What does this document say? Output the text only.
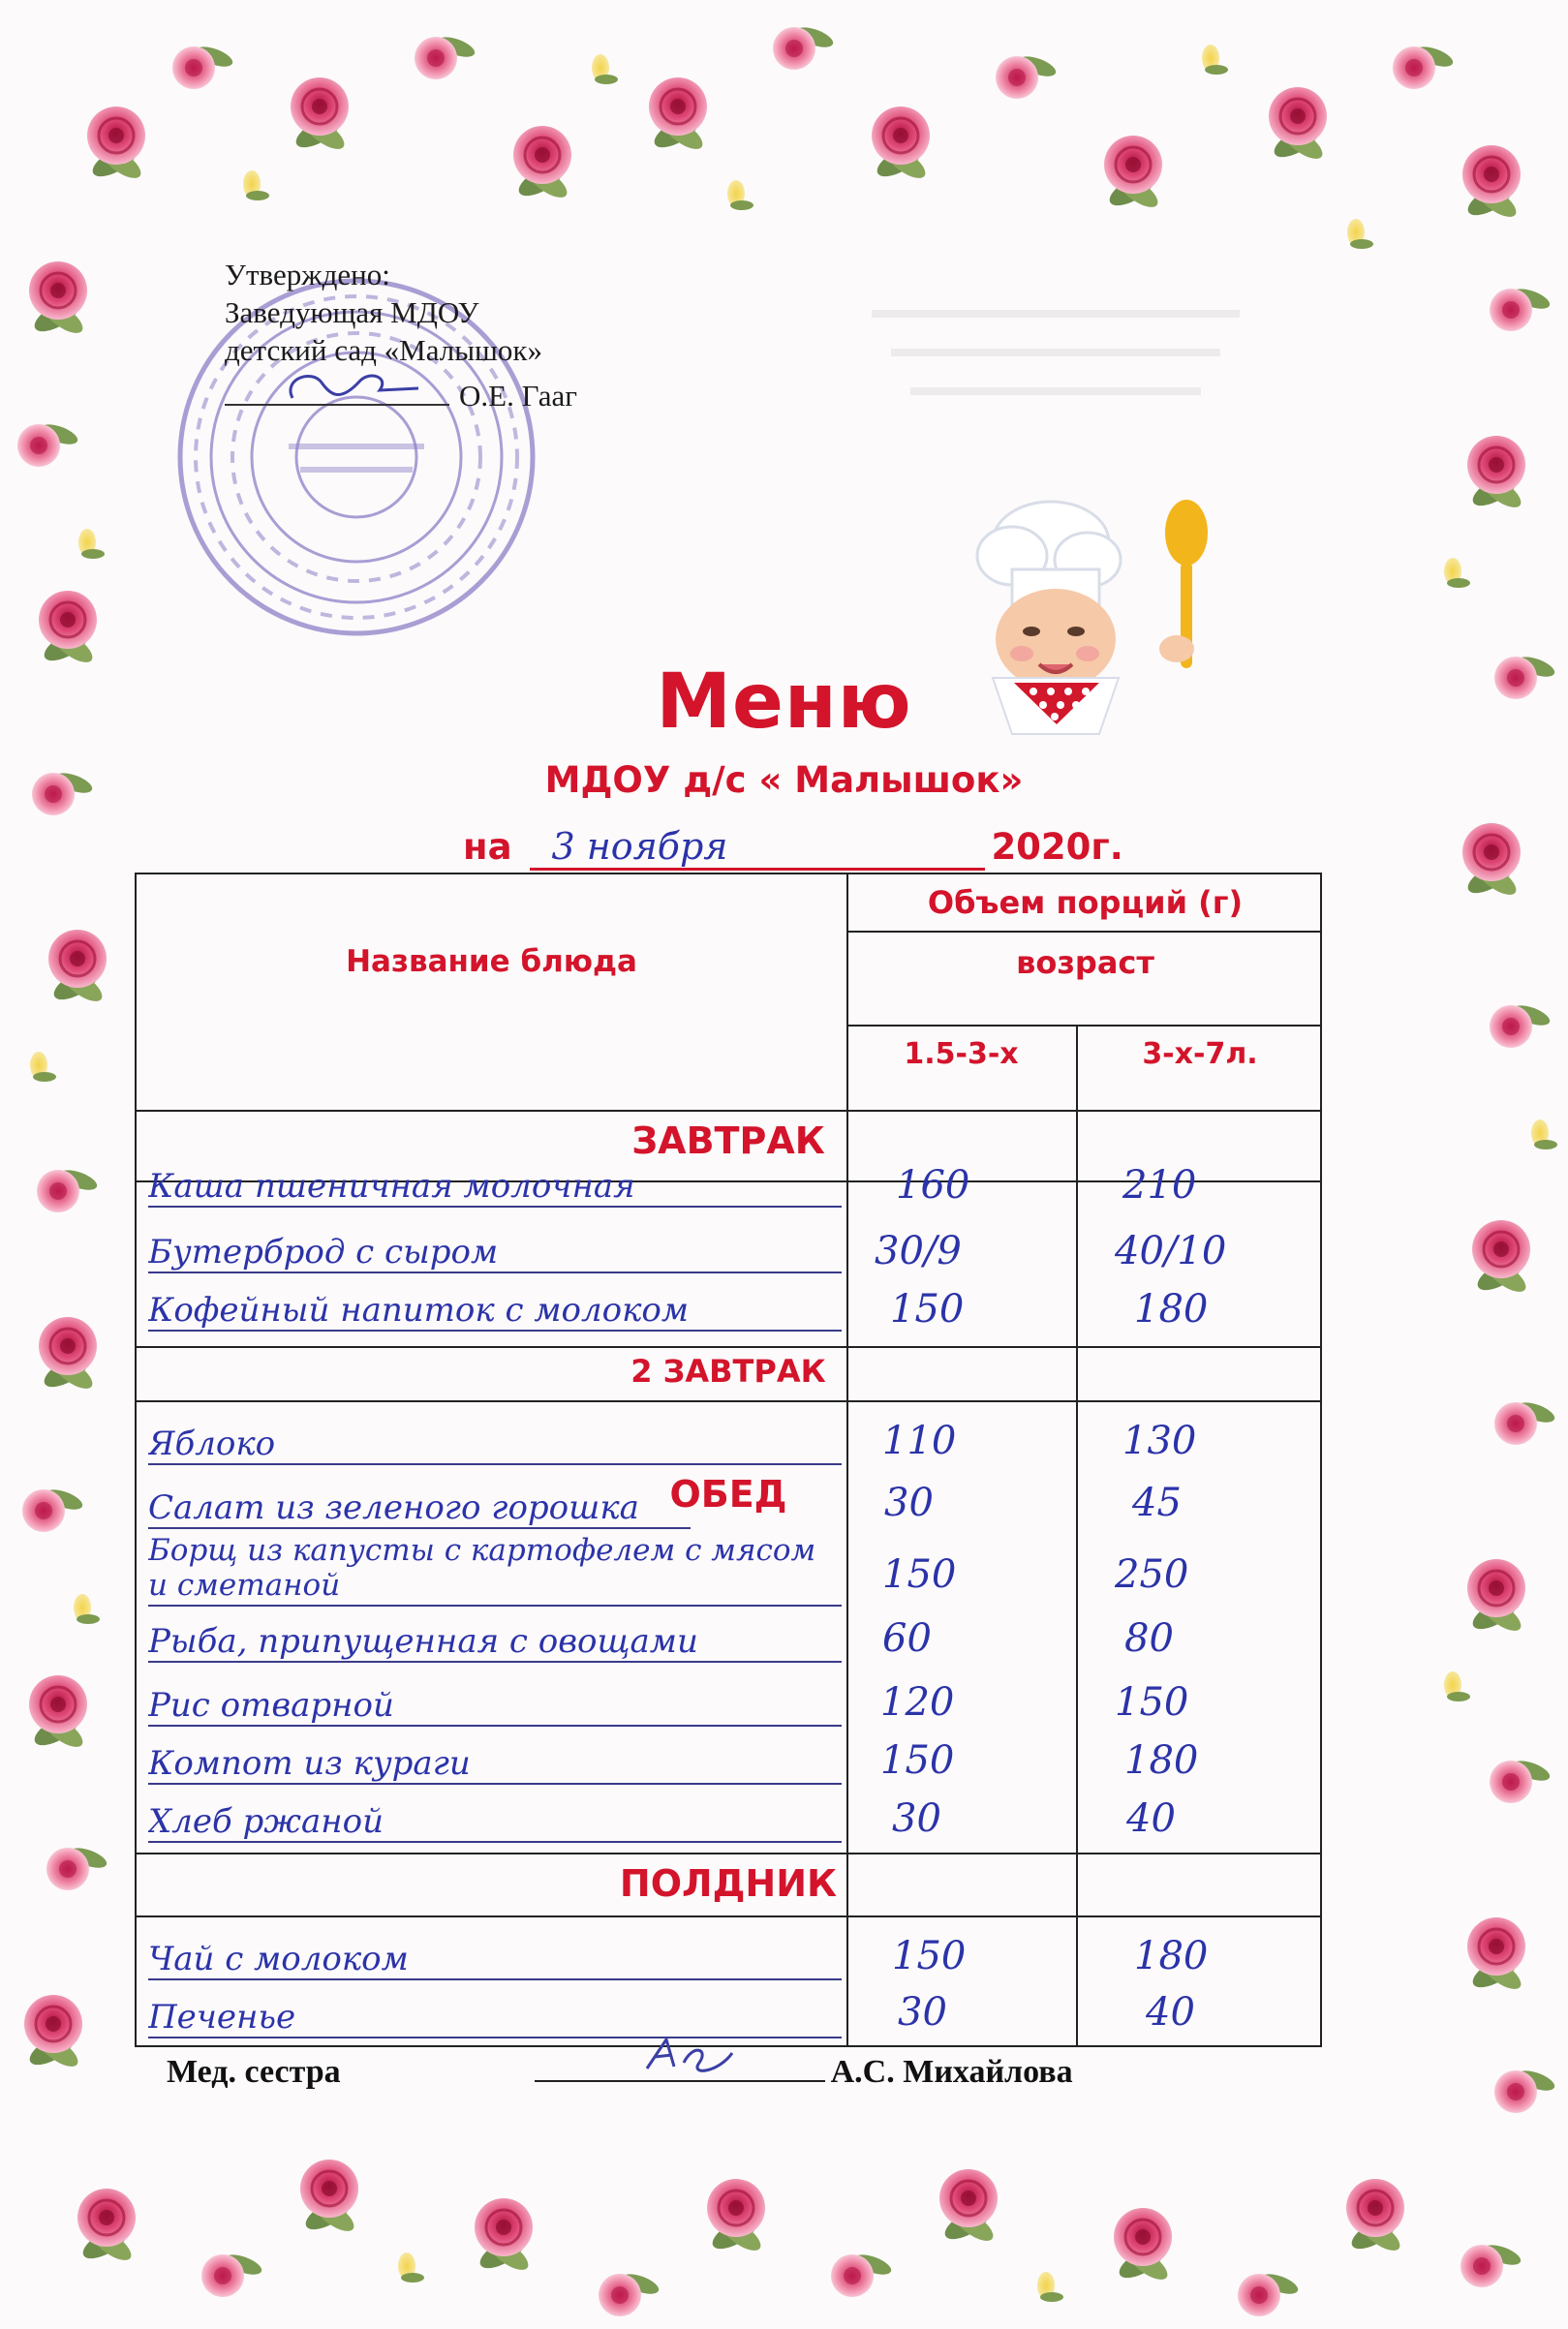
Утверждено:
Заведующая МДОУ
детский сад «Малышок»
О.Е. Гааг
Меню
МДОУ д/с « Малышок»
на 3 ноября	2020г.
Название блюда
Объем порций (г)
возраст
1.5-3-х	3-х-7л.
ЗАВТРАК
Каша пшеничная молочная	160	210
Бутерброд с сыром	30/9	40/10
Кофейный напиток с молоком	150	180
2 ЗАВТРАК
Яблоко	110	130
ОБЕД
Салат из зеленого горошка	30	45
Борщ из капусты с картофелем с мясом и сметаной	150	250
Рыба, припущенная с овощами	60	80
Рис отварной	120	150
Компот из кураги	150	180
Хлеб ржаной	30	40
ПОЛДНИК
Чай с молоком	150	180
Печенье	30	40
Мед. сестра	А.С. Михайлова
